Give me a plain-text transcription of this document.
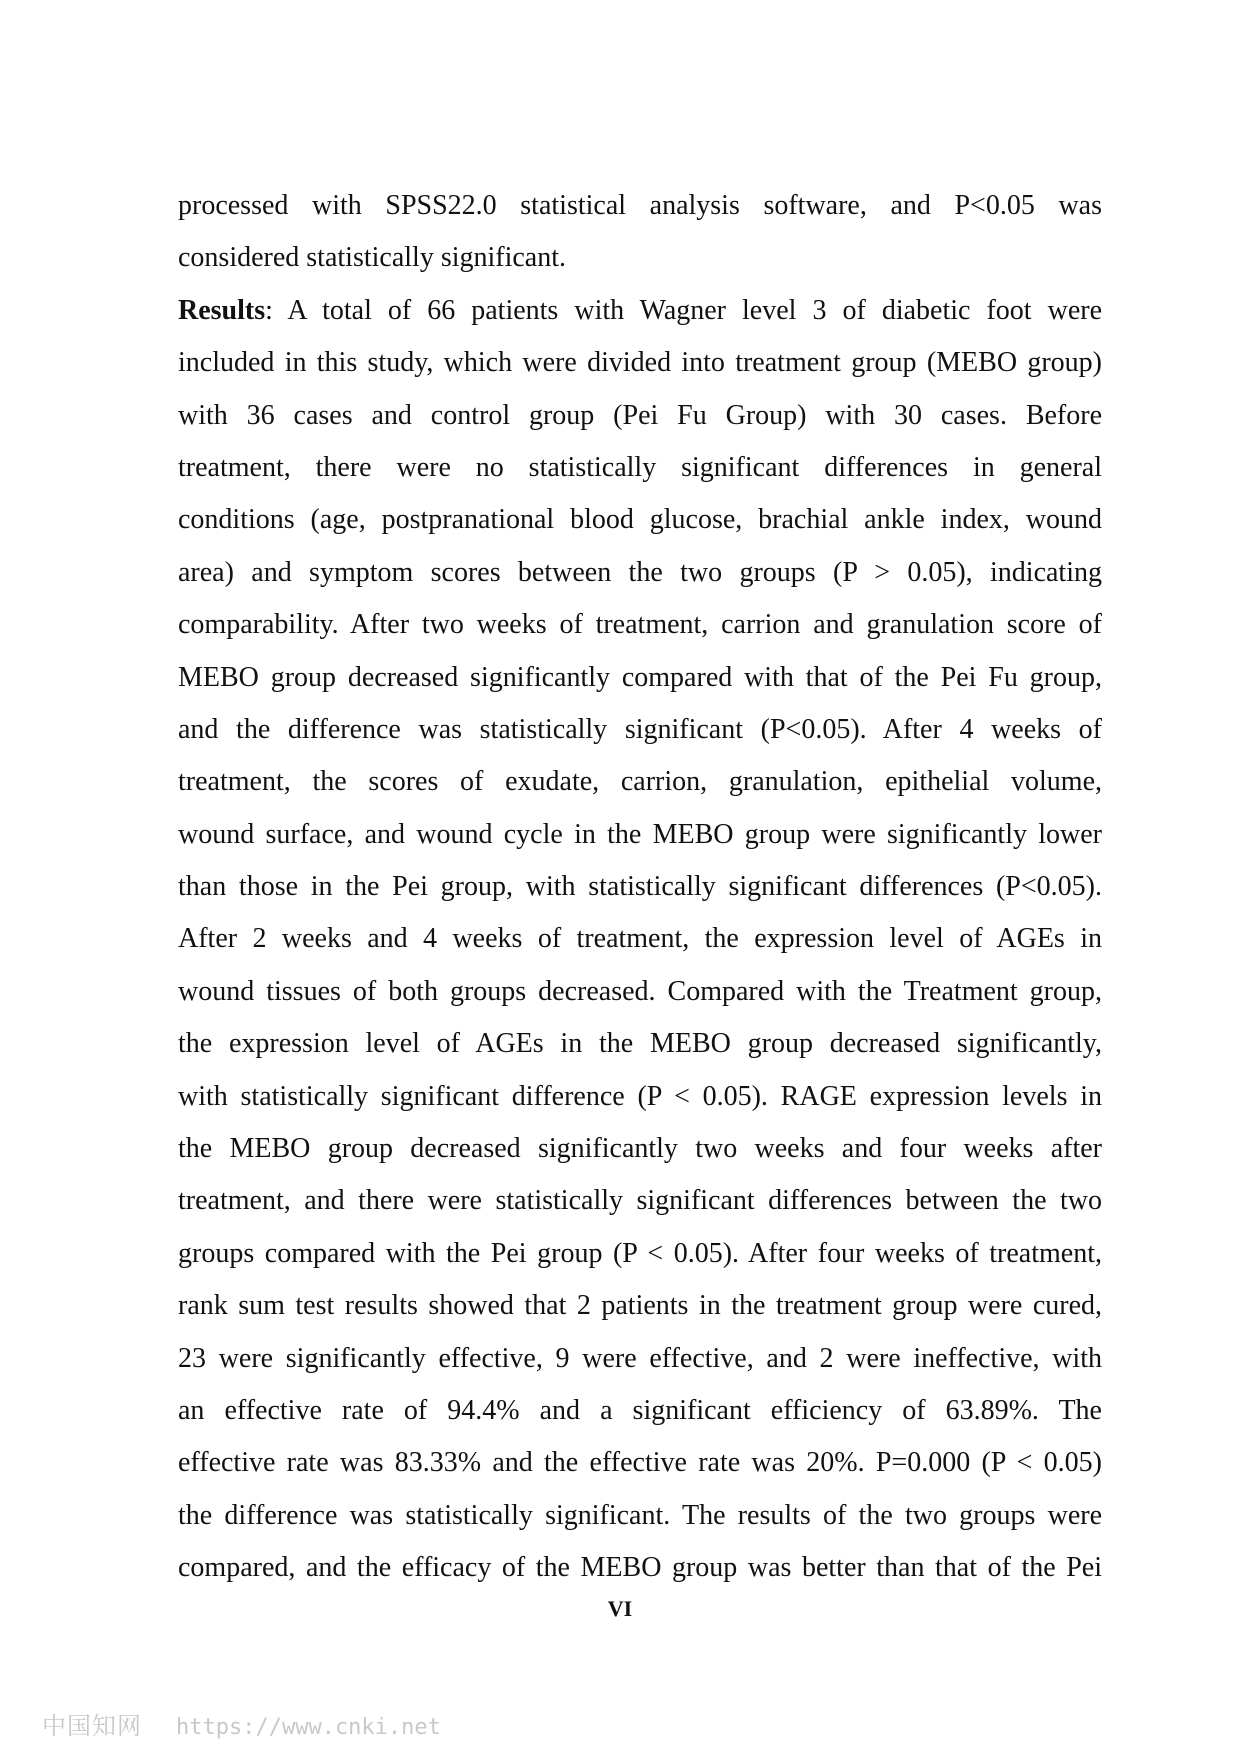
processed with SPSS22.0 statistical analysis software, and P<0.05 was
considered statistically significant.
Results: A total of 66 patients with Wagner level 3 of diabetic foot were
included in this study, which were divided into treatment group (MEBO group)
with 36 cases and control group (Pei Fu Group) with 30 cases. Before
treatment, there were no statistically significant differences in general
conditions (age, postpranational blood glucose, brachial ankle index, wound
area) and symptom scores between the two groups (P > 0.05), indicating
comparability. After two weeks of treatment, carrion and granulation score of
MEBO group decreased significantly compared with that of the Pei Fu group,
and the difference was statistically significant (P<0.05). After 4 weeks of
treatment, the scores of exudate, carrion, granulation, epithelial volume,
wound surface, and wound cycle in the MEBO group were significantly lower
than those in the Pei group, with statistically significant differences (P<0.05).
After 2 weeks and 4 weeks of treatment, the expression level of AGEs in
wound tissues of both groups decreased. Compared with the Treatment group,
the expression level of AGEs in the MEBO group decreased significantly,
with statistically significant difference (P < 0.05). RAGE expression levels in
the MEBO group decreased significantly two weeks and four weeks after
treatment, and there were statistically significant differences between the two
groups compared with the Pei group (P < 0.05). After four weeks of treatment,
rank sum test results showed that 2 patients in the treatment group were cured,
23 were significantly effective, 9 were effective, and 2 were ineffective, with
an effective rate of 94.4% and a significant efficiency of 63.89%. The
effective rate was 83.33% and the effective rate was 20%. P=0.000 (P < 0.05)
the difference was statistically significant. The results of the two groups were
compared, and the efficacy of the MEBO group was better than that of the Pei
VI
中国知网 https://www.cnki.net
